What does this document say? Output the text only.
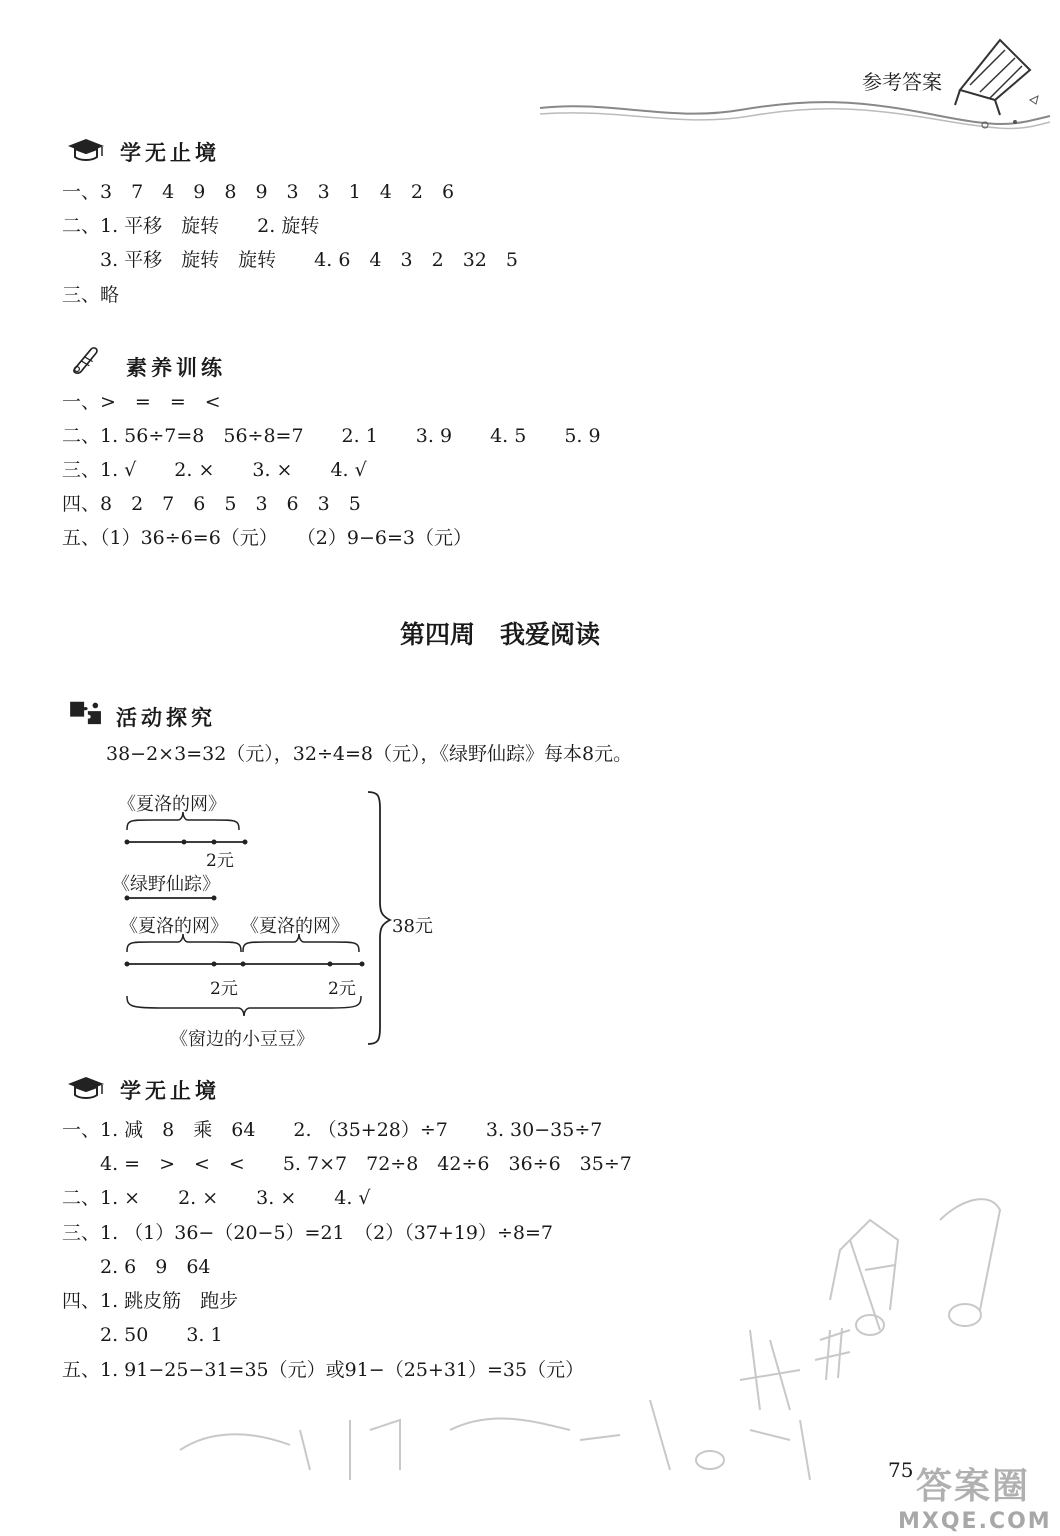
参考答案
学无止境
一、3　7　4　9　8　9　3　3　1　4　2　6
二、1. 平移　旋转　　2. 旋转
　　3. 平移　旋转　旋转　　4. 6　4　3　2　32　5
三、略
素养训练
一、>　=　=　<
二、1. 56÷7=8　56÷8=7　　2. 1　　3. 9　　4. 5　　5. 9
三、1. √　　2. ×　　3. ×　　4. √
四、8　2　7　6　5　3　6　3　5
五、（1）36÷6=6（元）　　（2）9−6=3（元）
第四周　我爱阅读
活动探究
38−2×3=32（元），32÷4=8（元），《绿野仙踪》每本8元。
《夏洛的网》
2元
《绿野仙踪》
《夏洛的网》 《夏洛的网》
2元	2元
《窗边的小豆豆》
38元
学无止境
一、1. 减　8　乘　64　　2. （35+28）÷7　　3. 30−35÷7
　　4. =　>　<　<　　5. 7×7　72÷8　42÷6　36÷6　35÷7
二、1. ×　　2. ×　　3. ×　　4. √
三、1. （1）36−（20−5）=21　（2）（37+19）÷8=7
　　2. 6　9　64
四、1. 跳皮筋　跑步
　　2. 50　　3. 1
五、1. 91−25−31=35（元）或91−（25+31）=35（元）
75 答案圈
MXQE.COM
